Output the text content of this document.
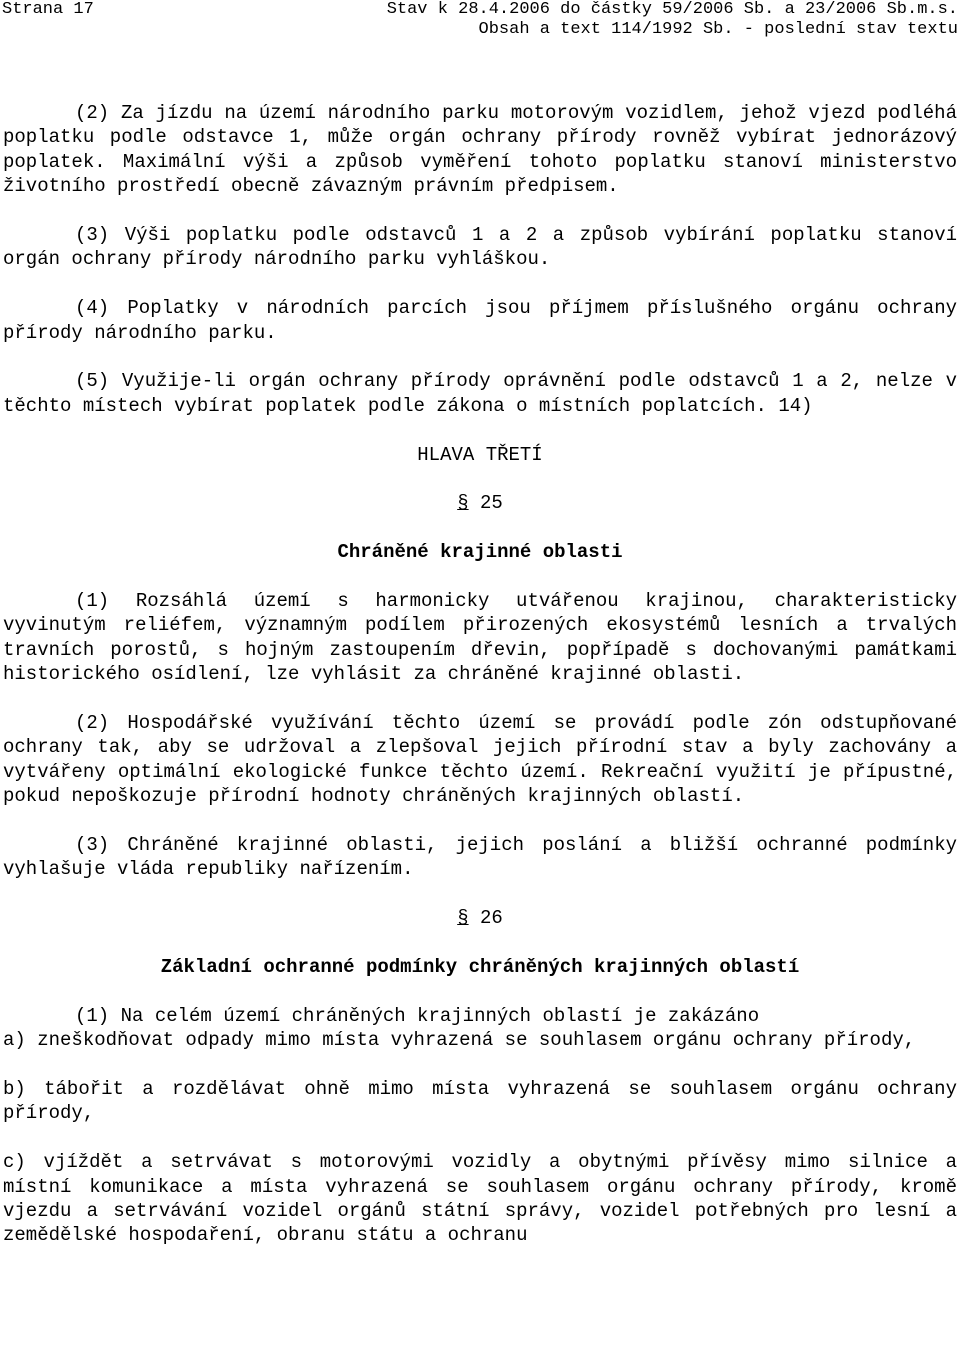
Strana 17	Stav k 28.4.2006 do částky 59/2006 Sb. a 23/2006 Sb.m.s.
Obsah a text 114/1992 Sb. - poslední stav textu

(2) Za jízdu na území národního parku motorovým vozidlem, jehož vjezd podléhá poplatku podle odstavce 1, může orgán ochrany přírody rovněž vybírat jednorázový poplatek. Maximální výši a způsob vyměření tohoto poplatku stanoví ministerstvo životního prostředí obecně závazným právním předpisem.

(3) Výši poplatku podle odstavců 1 a 2 a způsob vybírání poplatku stanoví orgán ochrany přírody národního parku vyhláškou.

(4) Poplatky v národních parcích jsou příjmem příslušného orgánu ochrany přírody národního parku.

(5) Využije-li orgán ochrany přírody oprávnění podle odstavců 1 a 2, nelze v těchto místech vybírat poplatek podle zákona o místních poplatcích. 14)

HLAVA TŘETÍ
§ 25
Chráněné krajinné oblasti

(1) Rozsáhlá území s harmonicky utvářenou krajinou, charakteristicky vyvinutým reliéfem, významným podílem přirozených ekosystémů lesních a trvalých travních porostů, s hojným zastoupením dřevin, popřípadě s dochovanými památkami historického osídlení, lze vyhlásit za chráněné krajinné oblasti.

(2) Hospodářské využívání těchto území se provádí podle zón odstupňované ochrany tak, aby se udržoval a zlepšoval jejich přírodní stav a byly zachovány a vytvářeny optimální ekologické funkce těchto území. Rekreační využití je přípustné, pokud nepoškozuje přírodní hodnoty chráněných krajinných oblastí.

(3) Chráněné krajinné oblasti, jejich poslání a bližší ochranné podmínky vyhlašuje vláda republiky nařízením.

§ 26
Základní ochranné podmínky chráněných krajinných oblastí

(1) Na celém území chráněných krajinných oblastí je zakázáno

a) zneškodňovat odpady mimo místa vyhrazená se souhlasem orgánu ochrany přírody,

b) tábořit a rozdělávat ohně mimo místa vyhrazená se souhlasem orgánu ochrany přírody,

c) vjíždět a setrvávat s motorovými vozidly a obytnými přívěsy mimo silnice a místní komunikace a místa vyhrazená se souhlasem orgánu ochrany přírody, kromě vjezdu a setrvávání vozidel orgánů státní správy, vozidel potřebných pro lesní a zemědělské hospodaření, obranu státu a ochranu
